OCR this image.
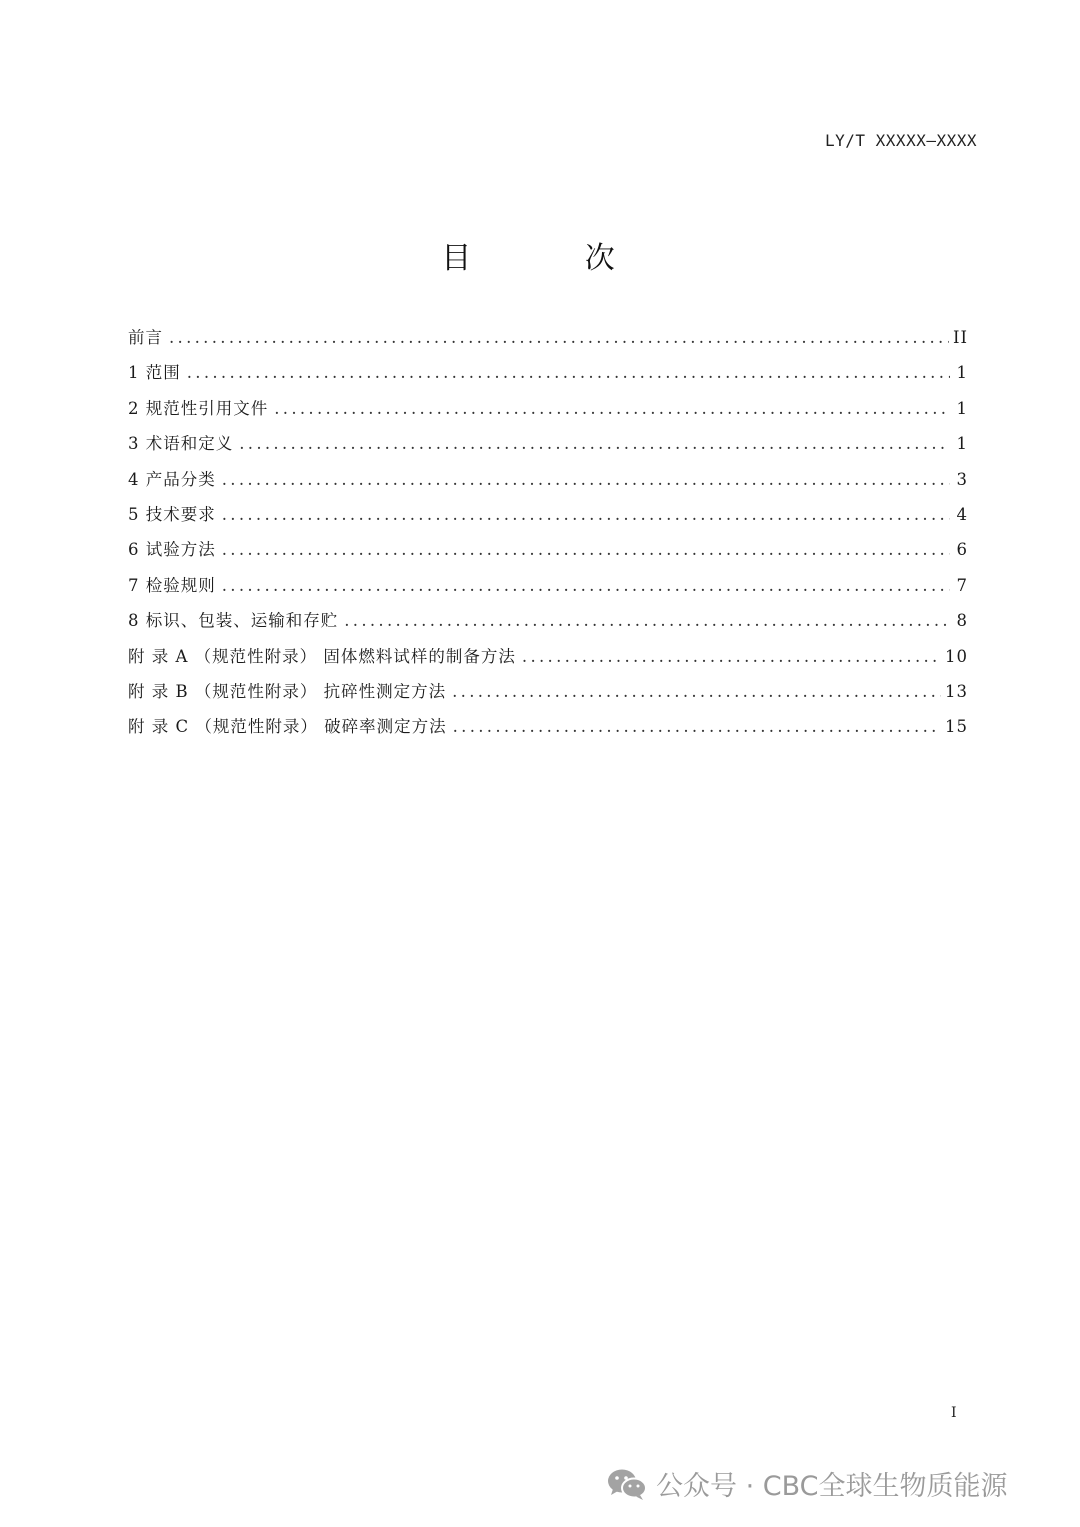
LY/T XXXXX—XXXX
目 次
前言 .....	II
1 范围 .....	1
2 规范性引用文件 .....	1
3 术语和定义 .....	1
4 产品分类 .....	3
5 技术要求 .....	4
6 试验方法 .....	6
7 检验规则 .....	7
8 标识、包装、运输和存贮 .....	8
附 录 A （规范性附录） 固体燃料试样的制备方法 .....	10
附 录 B （规范性附录） 抗碎性测定方法 .....	13
附 录 C （规范性附录） 破碎率测定方法 .....	15
I
公众号 · CBC全球生物质能源
